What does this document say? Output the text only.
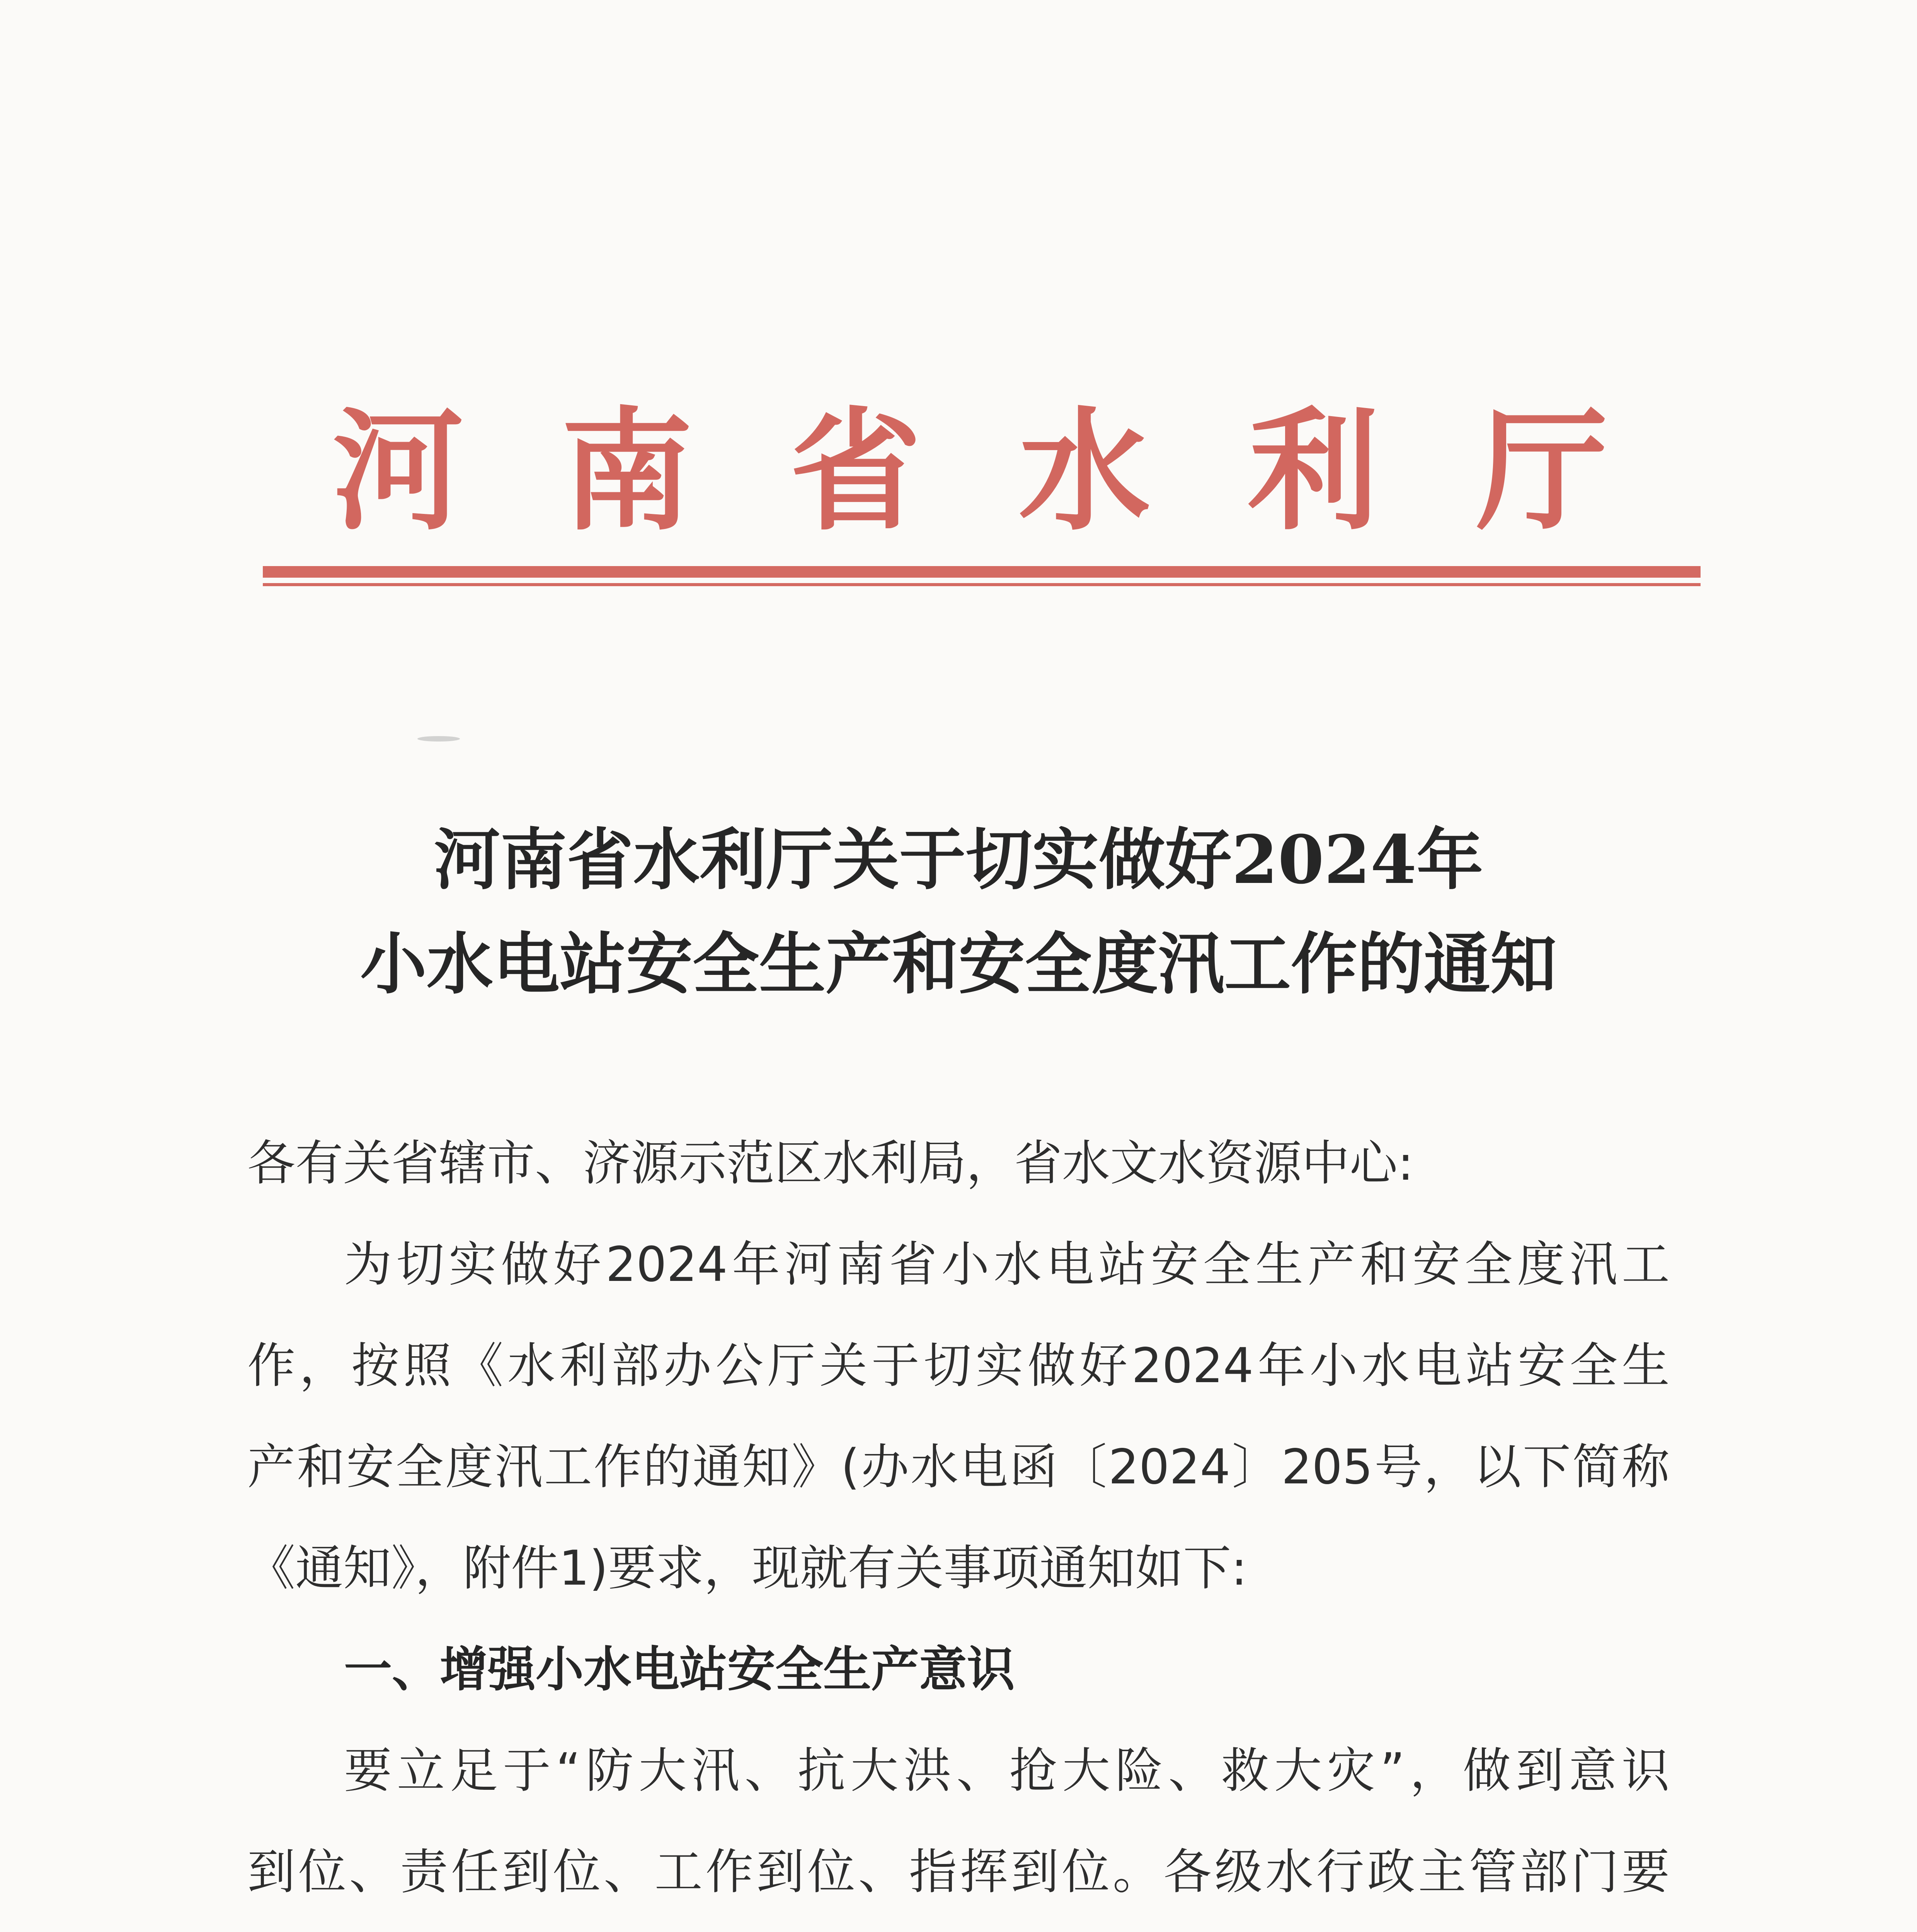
河 南 省 水 利 厅
河南省水利厅关于切实做好2024年
小水电站安全生产和安全度汛工作的通知
各有关省辖市、济源示范区水利局，省水文水资源中心:
为切实做好2024年河南省小水电站安全生产和安全度汛工
作，按照《水利部办公厅关于切实做好2024年小水电站安全生
产和安全度汛工作的通知》(办水电函〔2024〕205号，以下简称
《通知》，附件1)要求，现就有关事项通知如下:
一、增强小水电站安全生产意识
要立足于“防大汛、抗大洪、抢大险、救大灾”，做到意识
到位、责任到位、工作到位、指挥到位。各级水行政主管部门要
